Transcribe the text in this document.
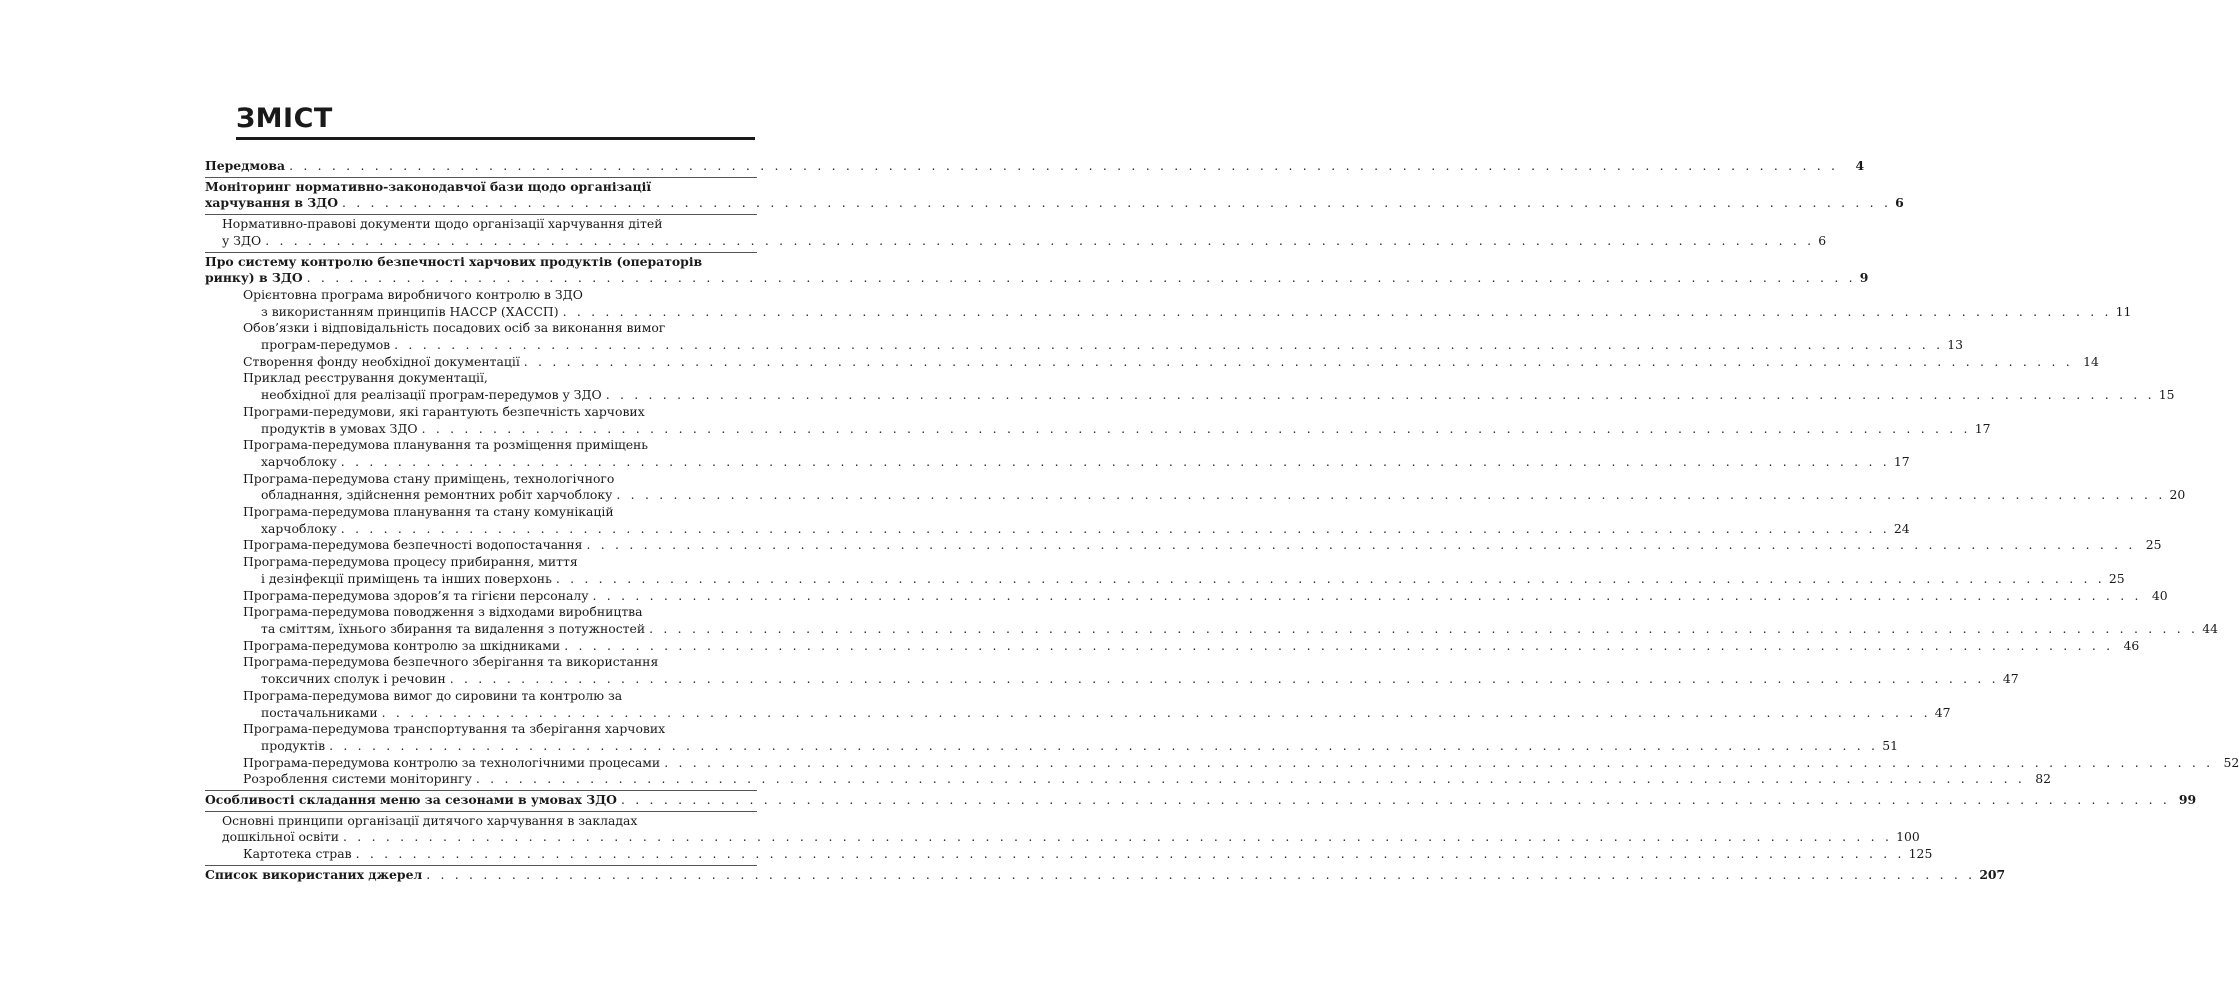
ЗМІСТ
Передмова . . .	4
Моніторинг нормативно-законодавчої бази щодо організації
харчування в ЗДО . . .	6
Нормативно-правові документи щодо організації харчування дітей
у ЗДО . . .	6
Про систему контролю безпечності харчових продуктів (операторів
ринку) в ЗДО . . .	9
Орієнтовна програма виробничого контролю в ЗДО
з використанням принципів НАССР (ХАССП) . . .	11
Обов’язки і відповідальність посадових осіб за виконання вимог
програм-передумов . . .	13
Створення фонду необхідної документації . . .	14
Приклад реєстрування документації,
необхідної для реалізації програм-передумов у ЗДО . . .	15
Програми-передумови, які гарантують безпечність харчових
продуктів в умовах ЗДО . . .	17
Програма-передумова планування та розміщення приміщень
харчоблоку . . .	17
Програма-передумова стану приміщень, технологічного
обладнання, здійснення ремонтних робіт харчоблоку . . .	20
Програма-передумова планування та стану комунікацій
харчоблоку . . .	24
Програма-передумова безпечності водопостачання . . .	25
Програма-передумова процесу прибирання, миття
і дезінфекції приміщень та інших поверхонь . . .	25
Програма-передумова здоров’я та гігієни персоналу . . .	40
Програма-передумова поводження з відходами виробництва
та сміттям, їхнього збирання та видалення з потужностей . . .	44
Програма-передумова контролю за шкідниками . . .	46
Програма-передумова безпечного зберігання та використання
токсичних сполук і речовин . . .	47
Програма-передумова вимог до сировини та контролю за
постачальниками . . .	47
Програма-передумова транспортування та зберігання харчових
продуктів . . .	51
Програма-передумова контролю за технологічними процесами . . .	52
Розроблення системи моніторингу . . .	82
Особливості складання меню за сезонами в умовах ЗДО . . .	99
Основні принципи організації дитячого харчування в закладах
дошкільної освіти . . .	100
Картотека страв . . .	125
Список використаних джерел . . .	207
